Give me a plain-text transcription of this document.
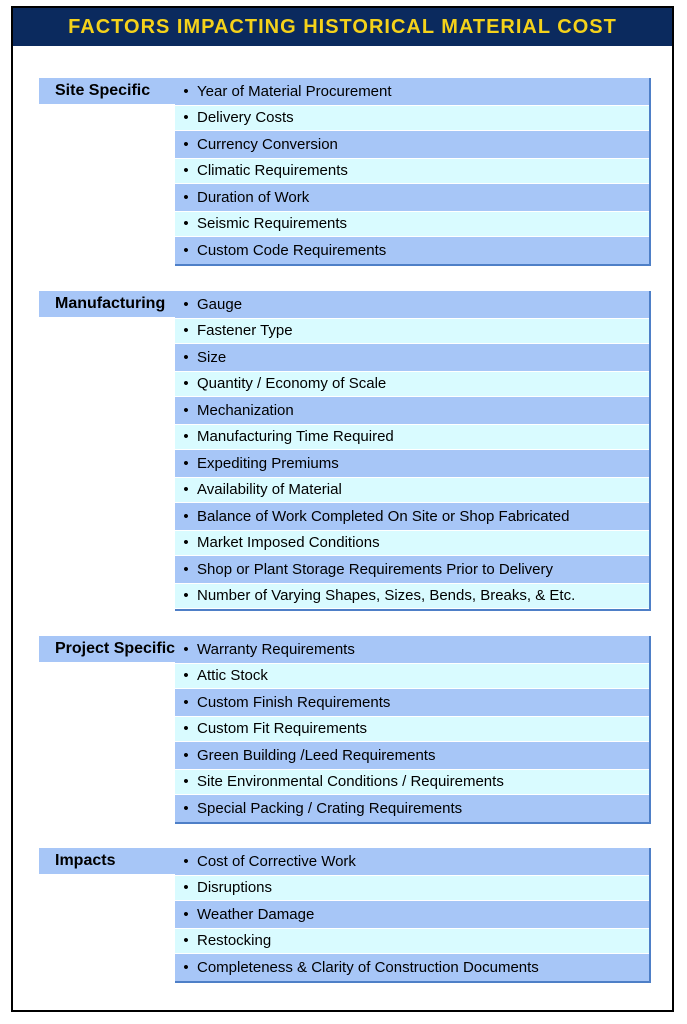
FACTORS IMPACTING HISTORICAL MATERIAL COST
Site Specific	• Year of Material Procurement
• Delivery Costs
• Currency Conversion
• Climatic Requirements
• Duration of Work
• Seismic Requirements
• Custom Code Requirements
Manufacturing	• Gauge
• Fastener Type
• Size
• Quantity / Economy of Scale
• Mechanization
• Manufacturing Time Required
• Expediting Premiums
• Availability of Material
• Balance of Work Completed On Site or Shop Fabricated
• Market Imposed Conditions
• Shop or Plant Storage Requirements Prior to Delivery
• Number of Varying Shapes, Sizes, Bends, Breaks, & Etc.
Project Specific • Warranty Requirements
• Attic Stock
• Custom Finish Requirements
• Custom Fit Requirements
• Green Building /Leed Requirements
• Site Environmental Conditions / Requirements
• Special Packing / Crating Requirements
Impacts	• Cost of Corrective Work
• Disruptions
• Weather Damage
• Restocking
• Completeness & Clarity of Construction Documents
